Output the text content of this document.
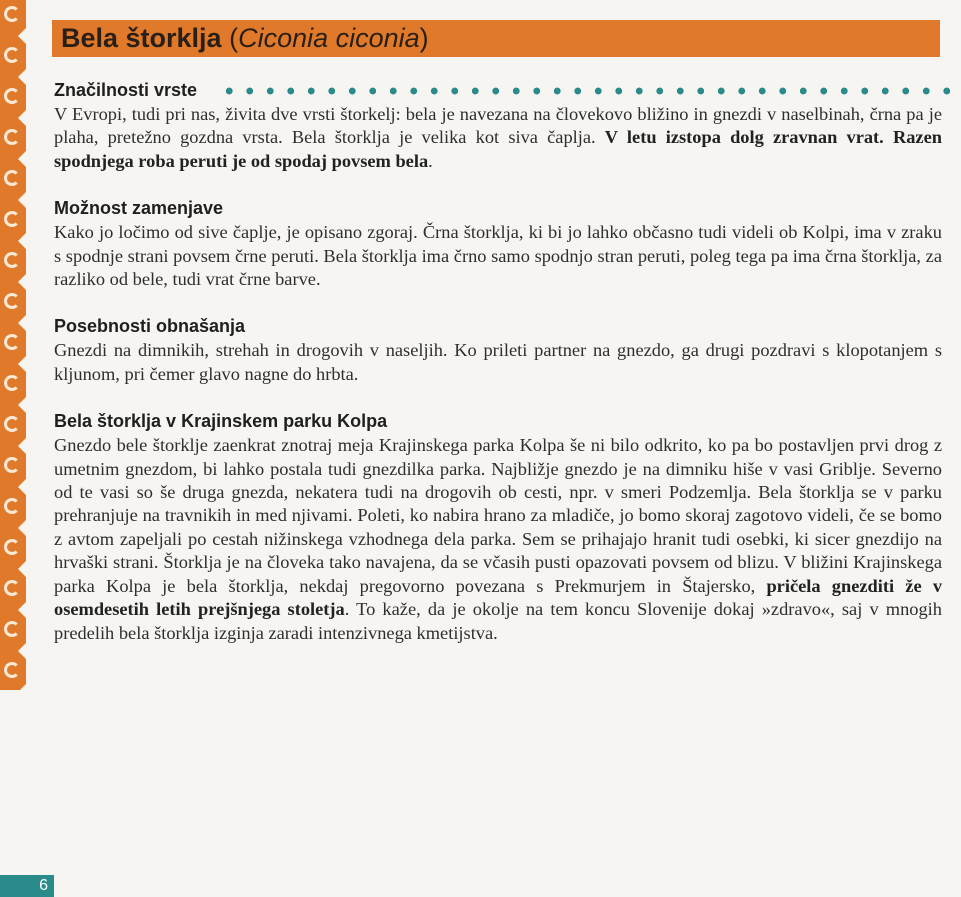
Bela štorklja (Ciconia ciconia)
Značilnosti vrste
V Evropi, tudi pri nas, živita dve vrsti štorkelj: bela je navezana na človekovo bližino in gnezdi v naselbinah, črna pa je plaha, pretežno gozdna vrsta. Bela štorklja je velika kot siva čaplja. V letu izstopa dolg zravnan vrat. Razen spodnjega roba peruti je od spodaj povsem bela.
Možnost zamenjave
Kako jo ločimo od sive čaplje, je opisano zgoraj. Črna štorklja, ki bi jo lahko občasno tudi videli ob Kolpi, ima v zraku s spodnje strani povsem črne peruti. Bela štorklja ima črno samo spodnjo stran peruti, poleg tega pa ima črna štorklja, za razliko od bele, tudi vrat črne barve.
Posebnosti obnašanja
Gnezdi na dimnikih, strehah in drogovih v naseljih. Ko prileti partner na gnezdo, ga drugi pozdravi s klopotanjem s kljunom, pri čemer glavo nagne do hrbta.
Bela štorklja v Krajinskem parku Kolpa
Gnezdo bele štorklje zaenkrat znotraj meja Krajinskega parka Kolpa še ni bilo odkrito, ko pa bo postavljen prvi drog z umetnim gnezdom, bi lahko postala tudi gnezdilka parka. Najbližje gnezdo je na dimniku hiše v vasi Griblje. Severno od te vasi so še druga gnezda, nekatera tudi na drogovih ob cesti, npr. v smeri Podzemlja. Bela štorklja se v parku prehranjuje na travnikih in med njivami. Poleti, ko nabira hrano za mladiče, jo bomo skoraj zagotovo videli, če se bomo z avtom zapeljali po cestah nižinskega vzhodnega dela parka. Sem se prihajajo hranit tudi osebki, ki sicer gnezdijo na hrvaški strani. Štorklja je na človeka tako navajena, da se včasih pusti opazovati povsem od blizu. V bližini Krajinskega parka Kolpa je bela štorklja, nekdaj pregovorno povezana s Prekmurjem in Štajersko, pričela gnezditi že v osemdesetih letih prejšnjega stoletja. To kaže, da je okolje na tem koncu Slovenije dokaj »zdravo«, saj v mnogih predelih bela štorklja izginja zaradi intenzivnega kmetijstva.
6
